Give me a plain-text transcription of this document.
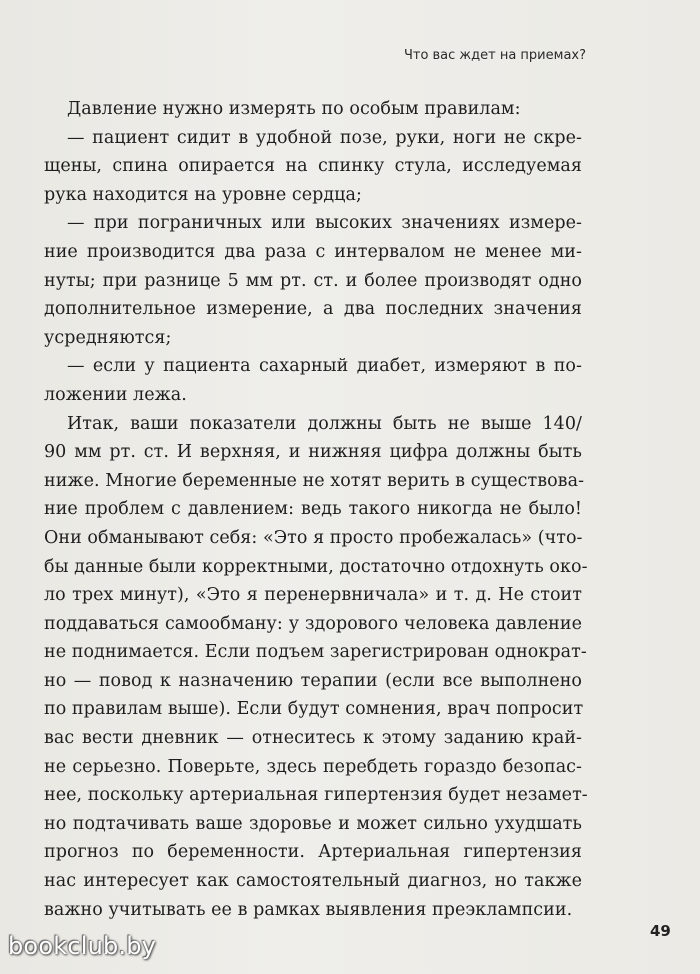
Что вас ждет на приемах?
Давление нужно измерять по особым правилам:
— пациент сидит в удобной позе, руки, ноги не скре-
щены, спина опирается на спинку стула, исследуемая
рука находится на уровне сердца;
— при пограничных или высоких значениях измере-
ние производится два раза с интервалом не менее ми-
нуты; при разнице 5 мм рт. ст. и более производят одно
дополнительное измерение, а два последних значения
усредняются;
— если у пациента сахарный диабет, измеряют в по-
ложении лежа.
Итак, ваши показатели должны быть не выше 140/
90 мм рт. ст. И верхняя, и нижняя цифра должны быть
ниже. Многие беременные не хотят верить в существова-
ние проблем с давлением: ведь такого никогда не было!
Они обманывают себя: «Это я просто пробежалась» (что-
бы данные были корректными, достаточно отдохнуть око-
ло трех минут), «Это я перенервничала» и т. д. Не стоит
поддаваться самообману: у здорового человека давление
не поднимается. Если подъем зарегистрирован однократ-
но — повод к назначению терапии (если все выполнено
по правилам выше). Если будут сомнения, врач попросит
вас вести дневник — отнеситесь к этому заданию край-
не серьезно. Поверьте, здесь перебдеть гораздо безопас-
нее, поскольку артериальная гипертензия будет незамет-
но подтачивать ваше здоровье и может сильно ухудшать
прогноз по беременности. Артериальная гипертензия
нас интересует как самостоятельный диагноз, но также
важно учитывать ее в рамках выявления преэклампсии.
49
bookclub.by
